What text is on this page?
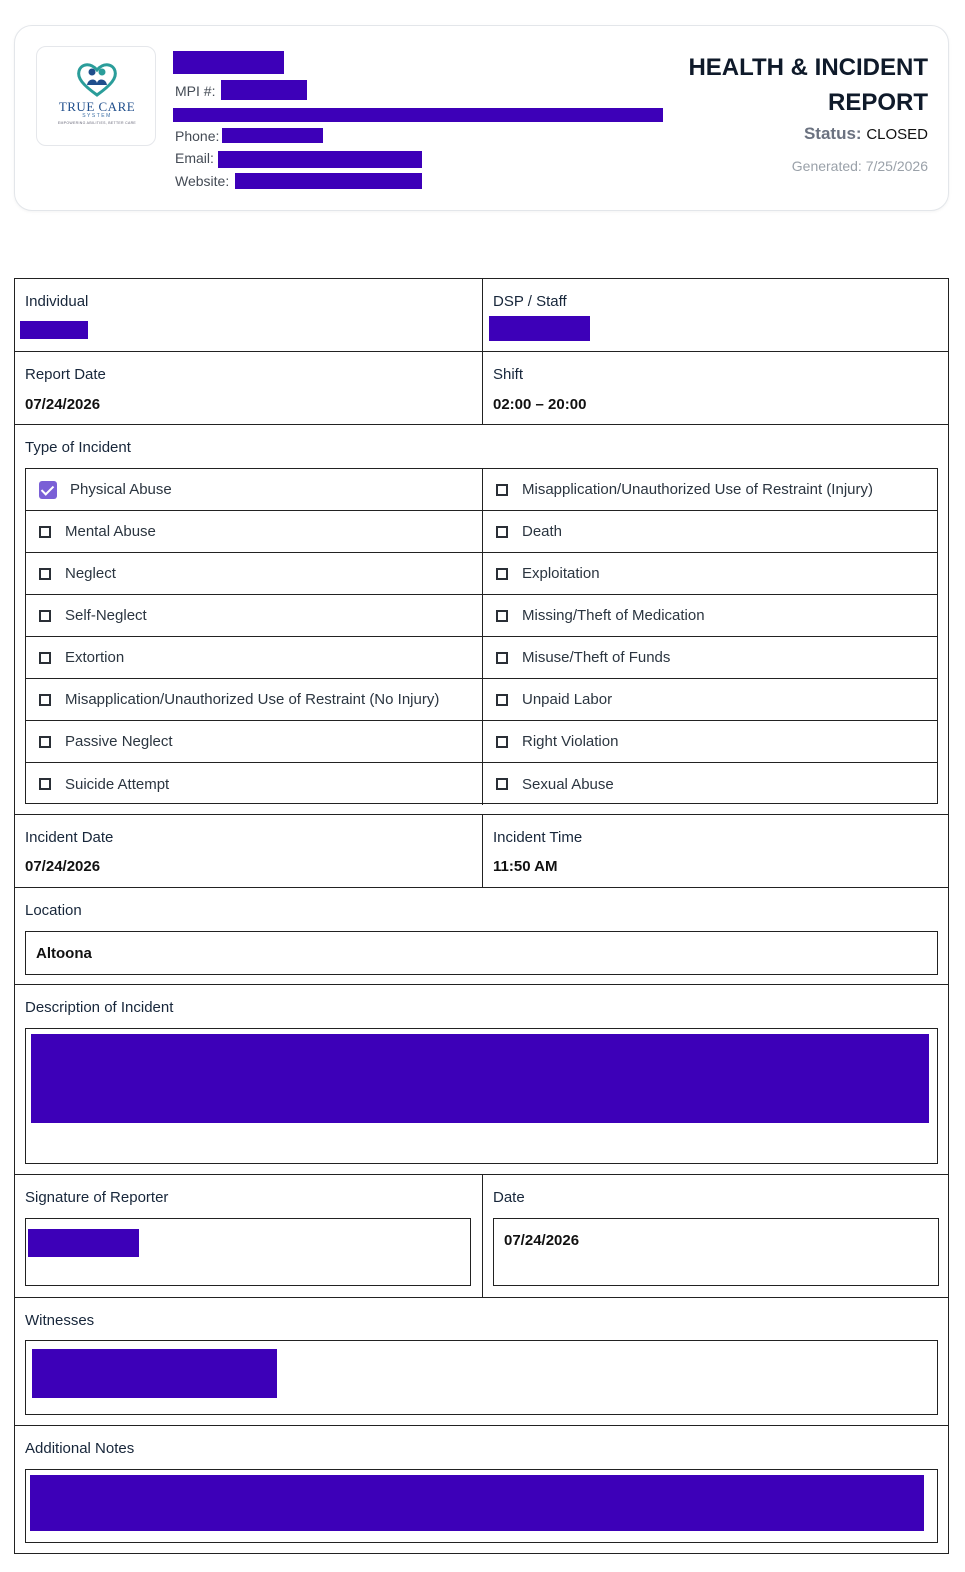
TRUE CARE
SYSTEM
EMPOWERING ABILITIES, BETTER CARE
MPI #:
Phone:
Email:
Website:
HEALTH & INCIDENT
REPORT
Status: CLOSED
Generated: 7/25/2026
Individual	DSP / Staff
Report Date
07/24/2026
Shift
02:00 – 20:00
Type of Incident
Physical Abuse
Mental Abuse
Neglect
Self-Neglect
Extortion
Misapplication/Unauthorized Use of Restraint (No Injury)
Passive Neglect
Suicide Attempt
Misapplication/Unauthorized Use of Restraint (Injury)
Death
Exploitation
Missing/Theft of Medication
Misuse/Theft of Funds
Unpaid Labor
Right Violation
Sexual Abuse
Incident Date
07/24/2026
Incident Time
11:50 AM
Location
Altoona
Description of Incident
Signature of Reporter	Date
07/24/2026
Witnesses
Additional Notes
